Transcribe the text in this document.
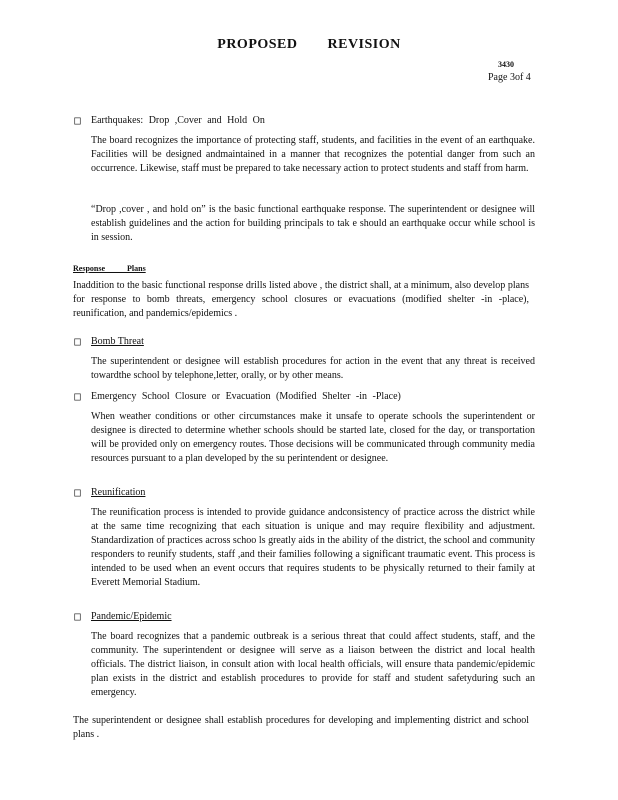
PROPOSED REVISION
3430
Page 3of 4
Earthquakes: Drop ,Cover and Hold On
The board recognizes the importance of protecting staff, students, and facilities in the event of an earthquake. Facilities will be designed andmaintained in a manner that recognizes the potential danger from such an occurrence. Likewise, staff must be prepared to take necessary action to protect students and staff from harm.
“Drop ,cover , and hold on” is the basic functional earthquake response. The superintendent or designee will establish guidelines and the action for building principals to tak e should an earthquake occur while school is in session.
Response Plans
Inaddition to the basic functional response drills listed above , the district shall, at a minimum, also develop plans for response to bomb threats, emergency school closures or evacuations (modified shelter -in -place), reunification, and pandemics/epidemics .
Bomb Threat
The superintendent or designee will establish procedures for action in the event that any threat is received towardthe school by telephone,letter, orally, or by other means.
Emergency School Closure or Evacuation (Modified Shelter -in -Place)
When weather conditions or other circumstances make it unsafe to operate schools the superintendent or designee is directed to determine whether schools should be started late, closed for the day, or transportation will be provided only on emergency routes. Those decisions will be communicated through community media resources pursuant to a plan developed by the su perintendent or designee.
Reunification
The reunification process is intended to provide guidance andconsistency of practice across the district while at the same time recognizing that each situation is unique and may require flexibility and adjustment. Standardization of practices across schoo ls greatly aids in the ability of the district, the school and community responders to reunify students, staff ,and their families following a significant traumatic event. This process is intended to be used when an event occurs that requires students to be physically returned to their family at Everett Memorial Stadium.
Pandemic/Epidemic
The board recognizes that a pandemic outbreak is a serious threat that could affect students, staff, and the community. The superintendent or designee will serve as a liaison between the district and local health officials. The district liaison, in consult ation with local health officials, will ensure thata pandemic/epidemic plan exists in the district and establish procedures to provide for staff and student safetyduring such an emergency.
The superintendent or designee shall establish procedures for developing and implementing district and school plans .
